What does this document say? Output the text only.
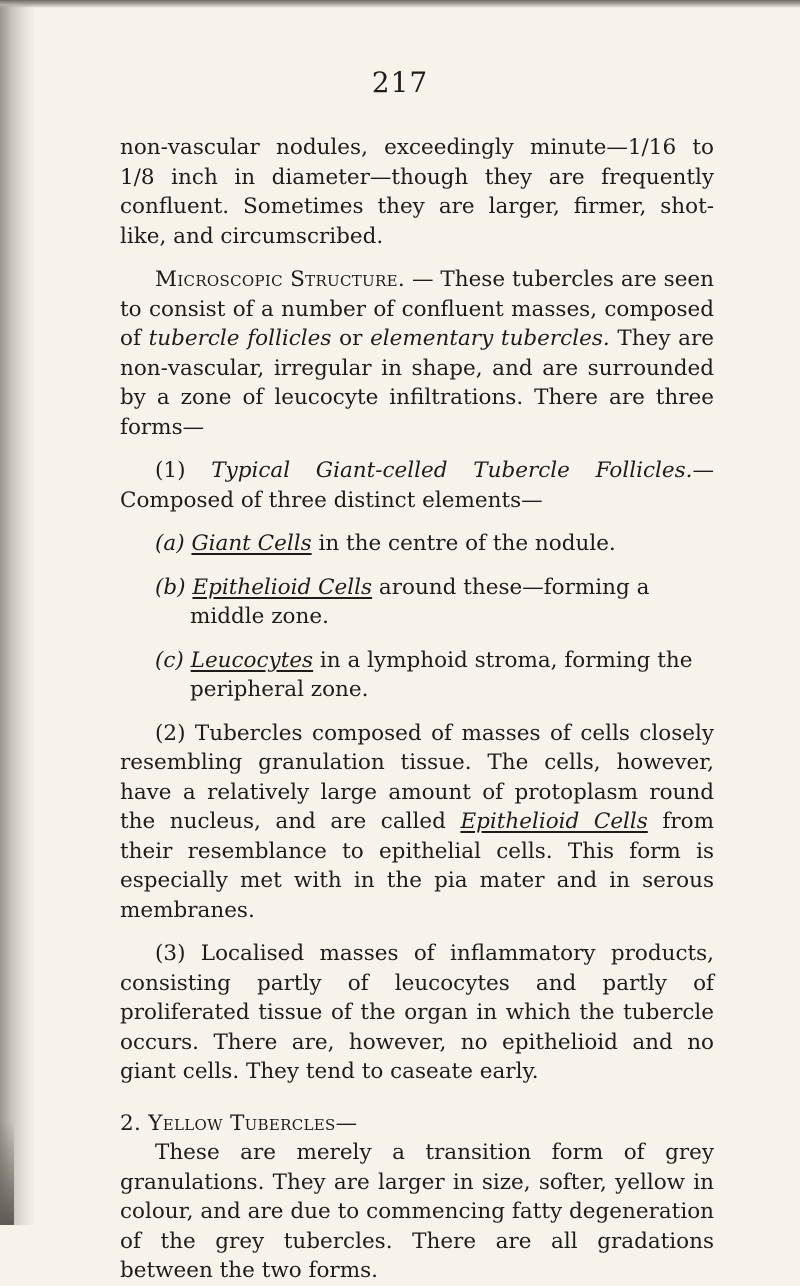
217

non-vascular nodules, exceedingly minute—1/16 to 1/8 inch in diameter—though they are frequently confluent. Sometimes they are larger, firmer, shot-like, and circumscribed.

Microscopic Structure. — These tubercles are seen to consist of a number of confluent masses, composed of tubercle follicles or elementary tubercles. They are non-vascular, irregular in shape, and are surrounded by a zone of leucocyte infiltrations. There are three forms—

(1) Typical Giant-celled Tubercle Follicles.—Composed of three distinct elements—

(a) Giant Cells in the centre of the nodule.

(b) Epithelioid Cells around these—forming a middle zone.

(c) Leucocytes in a lymphoid stroma, forming the peripheral zone.

(2) Tubercles composed of masses of cells closely resembling granulation tissue. The cells, however, have a relatively large amount of protoplasm round the nucleus, and are called Epithelioid Cells from their resemblance to epithelial cells. This form is especially met with in the pia mater and in serous membranes.

(3) Localised masses of inflammatory products, consisting partly of leucocytes and partly of proliferated tissue of the organ in which the tubercle occurs. There are, however, no epithelioid and no giant cells. They tend to caseate early.

2. Yellow Tubercles—

These are merely a transition form of grey granulations. They are larger in size, softer, yellow in colour, and are due to commencing fatty degeneration of the grey tubercles. There are all gradations between the two forms.
